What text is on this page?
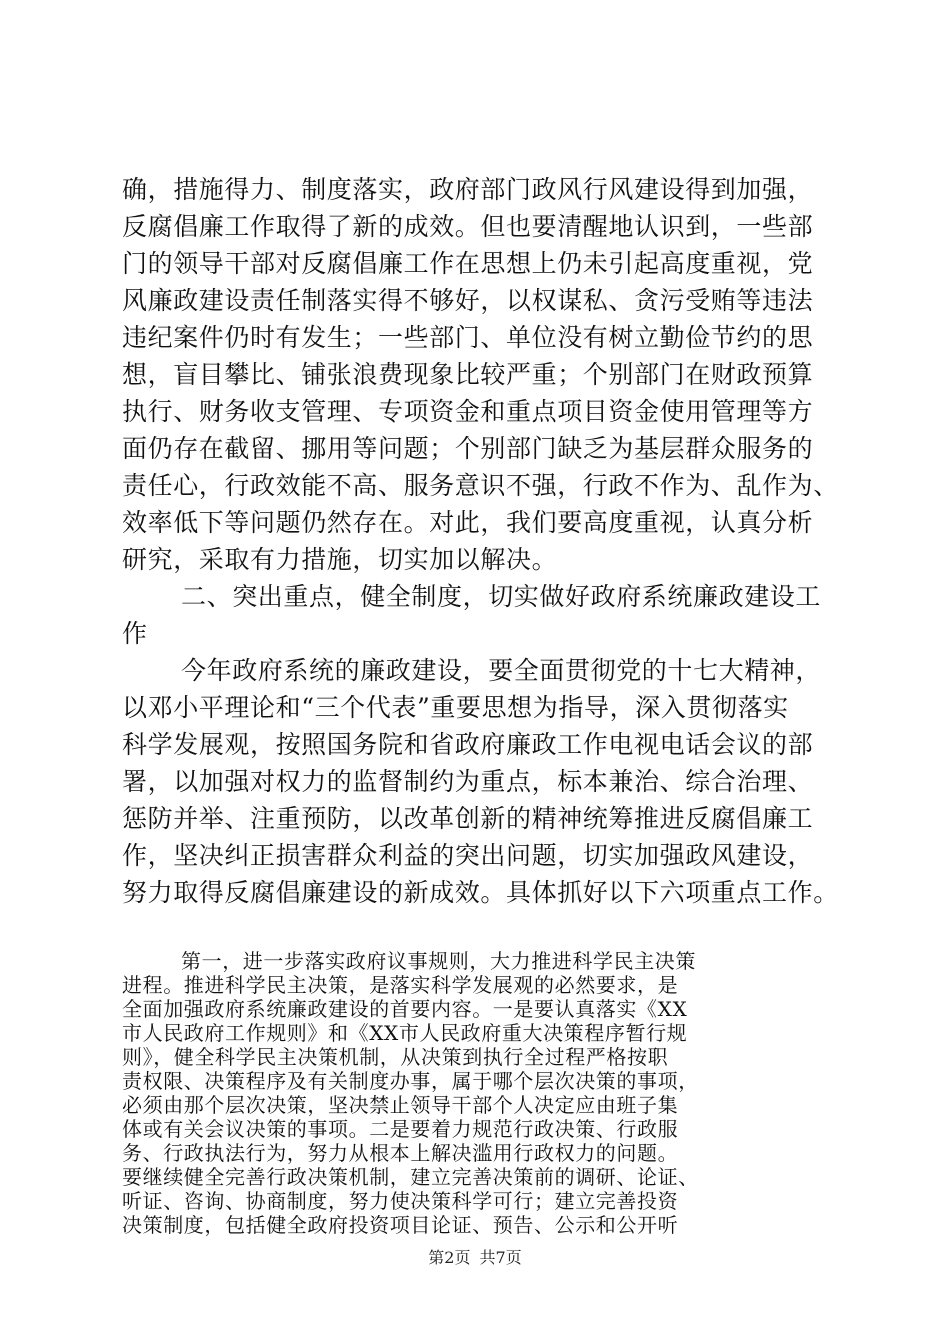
确，措施得力、制度落实，政府部门政风行风建设得到加强，
反腐倡廉工作取得了新的成效。但也要清醒地认识到，一些部
门的领导干部对反腐倡廉工作在思想上仍未引起高度重视，党
风廉政建设责任制落实得不够好，以权谋私、贪污受贿等违法
违纪案件仍时有发生；一些部门、单位没有树立勤俭节约的思
想，盲目攀比、铺张浪费现象比较严重；个别部门在财政预算
执行、财务收支管理、专项资金和重点项目资金使用管理等方
面仍存在截留、挪用等问题；个别部门缺乏为基层群众服务的
责任心，行政效能不高、服务意识不强，行政不作为、乱作为、
效率低下等问题仍然存在。对此，我们要高度重视，认真分析
研究，采取有力措施，切实加以解决。
二、突出重点，健全制度，切实做好政府系统廉政建设工
作
今年政府系统的廉政建设，要全面贯彻党的十七大精神，
以邓小平理论和“三个代表”重要思想为指导，深入贯彻落实
科学发展观，按照国务院和省政府廉政工作电视电话会议的部
署，以加强对权力的监督制约为重点，标本兼治、综合治理、
惩防并举、注重预防，以改革创新的精神统筹推进反腐倡廉工
作，坚决纠正损害群众利益的突出问题，切实加强政风建设，
努力取得反腐倡廉建设的新成效。具体抓好以下六项重点工作。
第一，进一步落实政府议事规则，大力推进科学民主决策
进程。推进科学民主决策，是落实科学发展观的必然要求，是
全面加强政府系统廉政建设的首要内容。一是要认真落实《XX
市人民政府工作规则》和《XX市人民政府重大决策程序暂行规
则》，健全科学民主决策机制，从决策到执行全过程严格按职
责权限、决策程序及有关制度办事，属于哪个层次决策的事项，
必须由那个层次决策，坚决禁止领导干部个人决定应由班子集
体或有关会议决策的事项。二是要着力规范行政决策、行政服
务、行政执法行为，努力从根本上解决滥用行政权力的问题。
要继续健全完善行政决策机制，建立完善决策前的调研、论证、
听证、咨询、协商制度，努力使决策科学可行；建立完善投资
决策制度，包括健全政府投资项目论证、预告、公示和公开听
第2页 共7页
